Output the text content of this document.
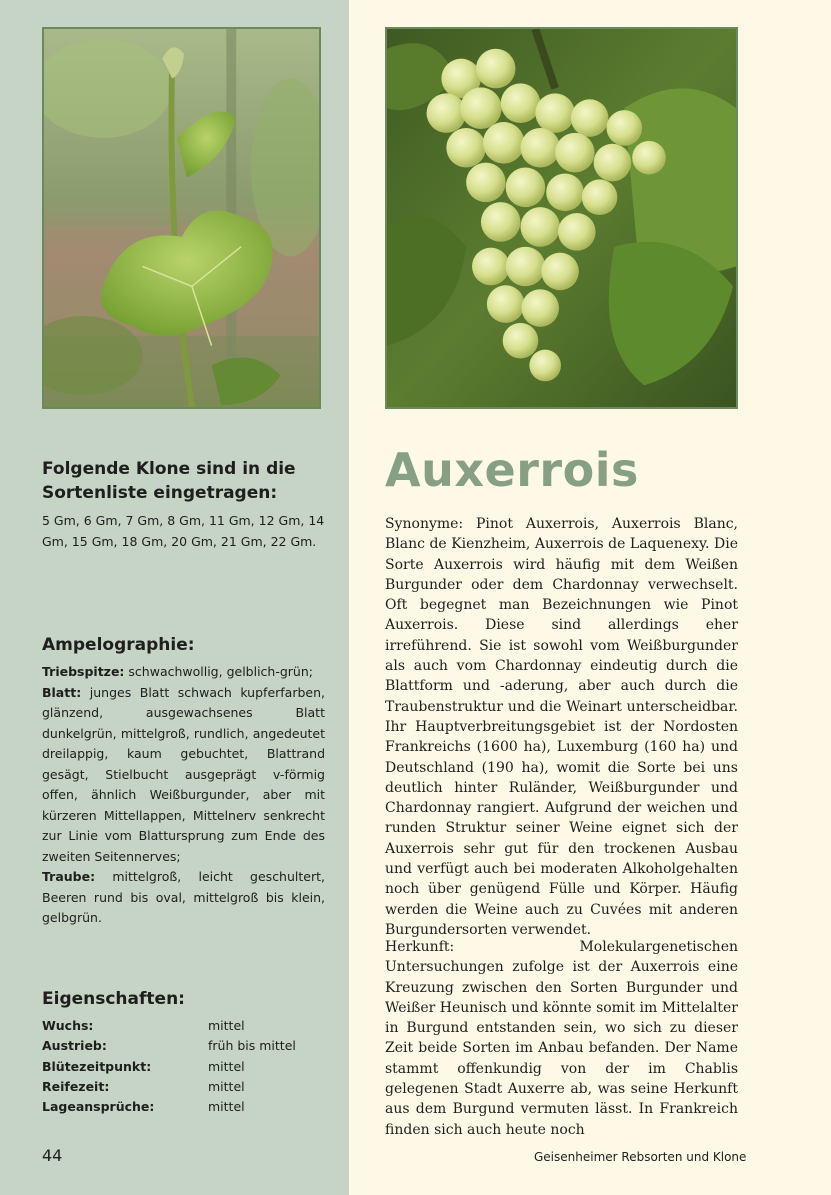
Folgende Klone sind in die Sortenliste eingetragen:
5 Gm, 6 Gm, 7 Gm, 8 Gm, 11 Gm, 12 Gm, 14 Gm, 15 Gm, 18 Gm, 20 Gm, 21 Gm, 22 Gm.
Ampelographie:
Triebspitze: schwachwollig, gelblich-grün;
Blatt: junges Blatt schwach kupferfarben, glänzend, ausgewachsenes Blatt dunkelgrün, mittelgroß, rundlich, angedeutet dreilappig, kaum gebuchtet, Blattrand gesägt, Stielbucht ausgeprägt v-förmig offen, ähnlich Weißburgunder, aber mit kürzeren Mittellappen, Mittelnerv senkrecht zur Linie vom Blattursprung zum Ende des zweiten Seitennerves;
Traube: mittelgroß, leicht geschultert, Beeren rund bis oval, mittelgroß bis klein, gelbgrün.
Eigenschaften:
Wuchs:	mittel
Austrieb:	früh bis mittel
Blütezeitpunkt:	mittel
Reifezeit:	mittel
Lageansprüche:	mittel
44
Auxerrois

Synonyme: Pinot Auxerrois, Auxerrois Blanc, Blanc de Kienzheim, Auxerrois de Laquenexy. Die Sorte Auxerrois wird häufig mit dem Weißen Burgunder oder dem Chardonnay verwechselt. Oft begegnet man Bezeichnungen wie Pinot Auxerrois. Diese sind allerdings eher irreführend. Sie ist sowohl vom Weißburgunder als auch vom Chardonnay eindeutig durch die Blattform und -aderung, aber auch durch die Traubenstruktur und die Weinart unterscheidbar. Ihr Hauptverbreitungsgebiet ist der Nordosten Frankreichs (1600 ha), Luxemburg (160 ha) und Deutschland (190 ha), womit die Sorte bei uns deutlich hinter Ruländer, Weißburgunder und Chardonnay rangiert. Aufgrund der weichen und runden Struktur seiner Weine eignet sich der Auxerrois sehr gut für den trockenen Ausbau und verfügt auch bei moderaten Alkoholgehalten noch über genügend Fülle und Körper. Häufig werden die Weine auch zu Cuvées mit anderen Burgundersorten verwendet.

Herkunft: Molekulargenetischen Untersuchungen zufolge ist der Auxerrois eine Kreuzung zwischen den Sorten Burgunder und Weißer Heunisch und könnte somit im Mittelalter in Burgund entstanden sein, wo sich zu dieser Zeit beide Sorten im Anbau befanden. Der Name stammt offenkundig von der im Chablis gelegenen Stadt Auxerre ab, was seine Herkunft aus dem Burgund vermuten lässt. In Frankreich finden sich auch heute noch

Geisenheimer Rebsorten und Klone
